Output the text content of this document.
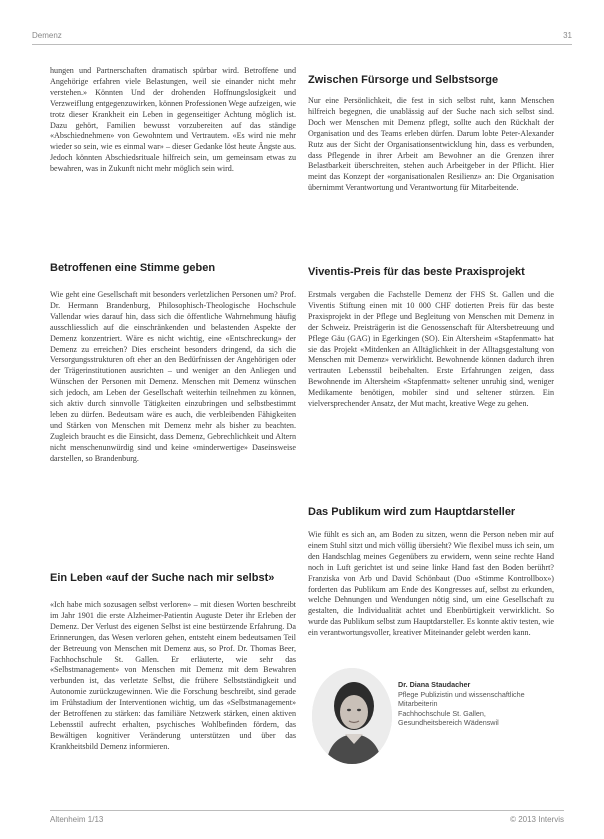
Demenz	31

hungen und Partnerschaften dramatisch spürbar wird. Betroffene und Angehörige erfahren viele Belastungen, weil sie einander nicht mehr verstehen.» Könnten Und der drohenden Hoffnungslosigkeit und Verzweiflung entgegenzuwirken, können Professionen Wege aufzeigen, wie trotz dieser Krankheit ein Leben in gegenseitiger Achtung möglich ist. Dazu gehört, Familien bewusst vorzubereiten auf das ständige «Abschiednehmen» von Gewohntem und Vertrautem. «Es wird nie mehr wieder so sein, wie es einmal war» – dieser Gedanke löst heute Ängste aus. Jedoch könnten Abschiedsrituale hilfreich sein, um gemeinsam etwas zu bewahren, was in Zukunft nicht mehr möglich sein wird.

Betroffenen eine Stimme geben

Wie geht eine Gesellschaft mit besonders verletzlichen Personen um? Prof. Dr. Hermann Brandenburg, Philosophisch-Theologische Hochschule Vallendar wies darauf hin, dass sich die öffentliche Wahrnehmung häufig ausschliesslich auf die einschränkenden und belastenden Aspekte der Demenz konzentriert. Wäre es nicht wichtig, eine «Entschreckung» der Demenz zu erreichen? Dies erscheint besonders dringend, da sich die Versorgungsstrukturen oft eher an den Bedürfnissen der Angehörigen oder der Trägerinstitutionen ausrichten – und weniger an den Anliegen und Wünschen der Personen mit Demenz. Menschen mit Demenz wünschen sich jedoch, am Leben der Gesellschaft weiterhin teilnehmen zu können, sich aktiv durch sinnvolle Tätigkeiten einzubringen und selbstbestimmt leben zu dürfen. Bedeutsam wäre es auch, die verbleibenden Fähigkeiten und Stärken von Menschen mit Demenz mehr als bisher zu beachten. Zugleich braucht es die Einsicht, dass Demenz, Gebrechlichkeit und Altern nicht menschenunwürdig sind und keine «minderwertige» Daseinsweise darstellen, so Brandenburg.

Ein Leben «auf der Suche nach mir selbst»

«Ich habe mich sozusagen selbst verloren» – mit diesen Worten beschreibt im Jahr 1901 die erste Alzheimer-Patientin Auguste Deter ihr Erleben der Demenz. Der Verlust des eigenen Selbst ist eine bestürzende Erfahrung. Da Erinnerungen, das Wesen verloren gehen, entsteht einem bedeutsamen Teil der Betreuung von Menschen mit Demenz aus, so Prof. Dr. Thomas Beer, Fachhochschule St. Gallen. Er erläuterte, wie sehr das «Selbstmanagement» von Menschen mit Demenz mit dem Bewahren verbunden ist, das verletzte Selbst, die frühere Selbstständigkeit und Autonomie zurückzugewinnen. Wie die Forschung beschreibt, sind gerade im Frühstadium der Interventionen wichtig, um das «Selbstmanagement» der Betroffenen zu stärken: das familiäre Netzwerk stärken, einen aktiven Lebensstil aufrecht erhalten, psychisches Wohlbefinden fördern, das Bewältigen kognitiver Veränderung unterstützen und über das Krankheitsbild Demenz informieren.

Zwischen Fürsorge und Selbstsorge

Nur eine Persönlichkeit, die fest in sich selbst ruht, kann Menschen hilfreich begegnen, die unablässig auf der Suche nach sich selbst sind. Doch wer Menschen mit Demenz pflegt, sollte auch den Rückhalt der Organisation und des Teams erleben dürfen. Darum lobte Peter-Alexander Rutz aus der Sicht der Organisationsentwicklung hin, dass es verbunden, dass Pflegende in ihrer Arbeit am Bewohner an die Grenzen ihrer Belastbarkeit überschreiten, stehen auch Arbeitgeber in der Pflicht. Hier meint das Konzept der «organisationalen Resilienz» an: Die Organisation übernimmt Verantwortung und Verantwortung für Mitarbeitende.

Viventis-Preis für das beste Praxisprojekt

Erstmals vergaben die Fachstelle Demenz der FHS St. Gallen und die Viventis Stiftung einen mit 10 000 CHF dotierten Preis für das beste Praxisprojekt in der Pflege und Begleitung von Menschen mit Demenz in der Schweiz. Preisträgerin ist die Genossenschaft für Altersbetreuung und Pflege Gäu (GAG) in Egerkingen (SO). Ein Altersheim «Stapfenmatt» hat sie das Projekt «Mitdenken an Alltäglichkeit in der Alltagsgestaltung von Menschen mit Demenz» verwirklicht. Bewohnende können dadurch ihren vertrauten Lebensstil beibehalten. Erste Erfahrungen zeigen, dass Bewohnende im Altersheim «Stapfenmatt» seltener unruhig sind, weniger Medikamente benötigen, mobiler sind und seltener stürzen. Ein vielversprechender Ansatz, der Mut macht, kreative Wege zu gehen.

Das Publikum wird zum Hauptdarsteller

Wie fühlt es sich an, am Boden zu sitzen, wenn die Person neben mir auf einem Stuhl sitzt und mich völlig übersieht? Wie flexibel muss ich sein, um den Handschlag meines Gegenübers zu erwidern, wenn seine rechte Hand noch in Luft gerichtet ist und seine linke Hand fast den Boden berührt? Franziska von Arb und David Schönbaut (Duo «Stimme Kontrollbox») forderten das Publikum am Ende des Kongresses auf, selbst zu erkunden, welche Dehnungen und Wendungen nötig sind, um eine Gesellschaft zu gestalten, die Individualität achtet und Ebenbürtigkeit verwirklicht. So wurde das Publikum selbst zum Hauptdarsteller. Es konnte aktiv testen, wie ein verantwortungsvoller, kreativer Miteinander gelebt werden kann.

Dr. Diana Staudacher
Pflege Publizistin und wissenschaftliche Mitarbeiterin
Fachhochschule St. Gallen,
Gesundheitsbereich Wädenswil
Altenheim 1/13	© 2013 Intervis
